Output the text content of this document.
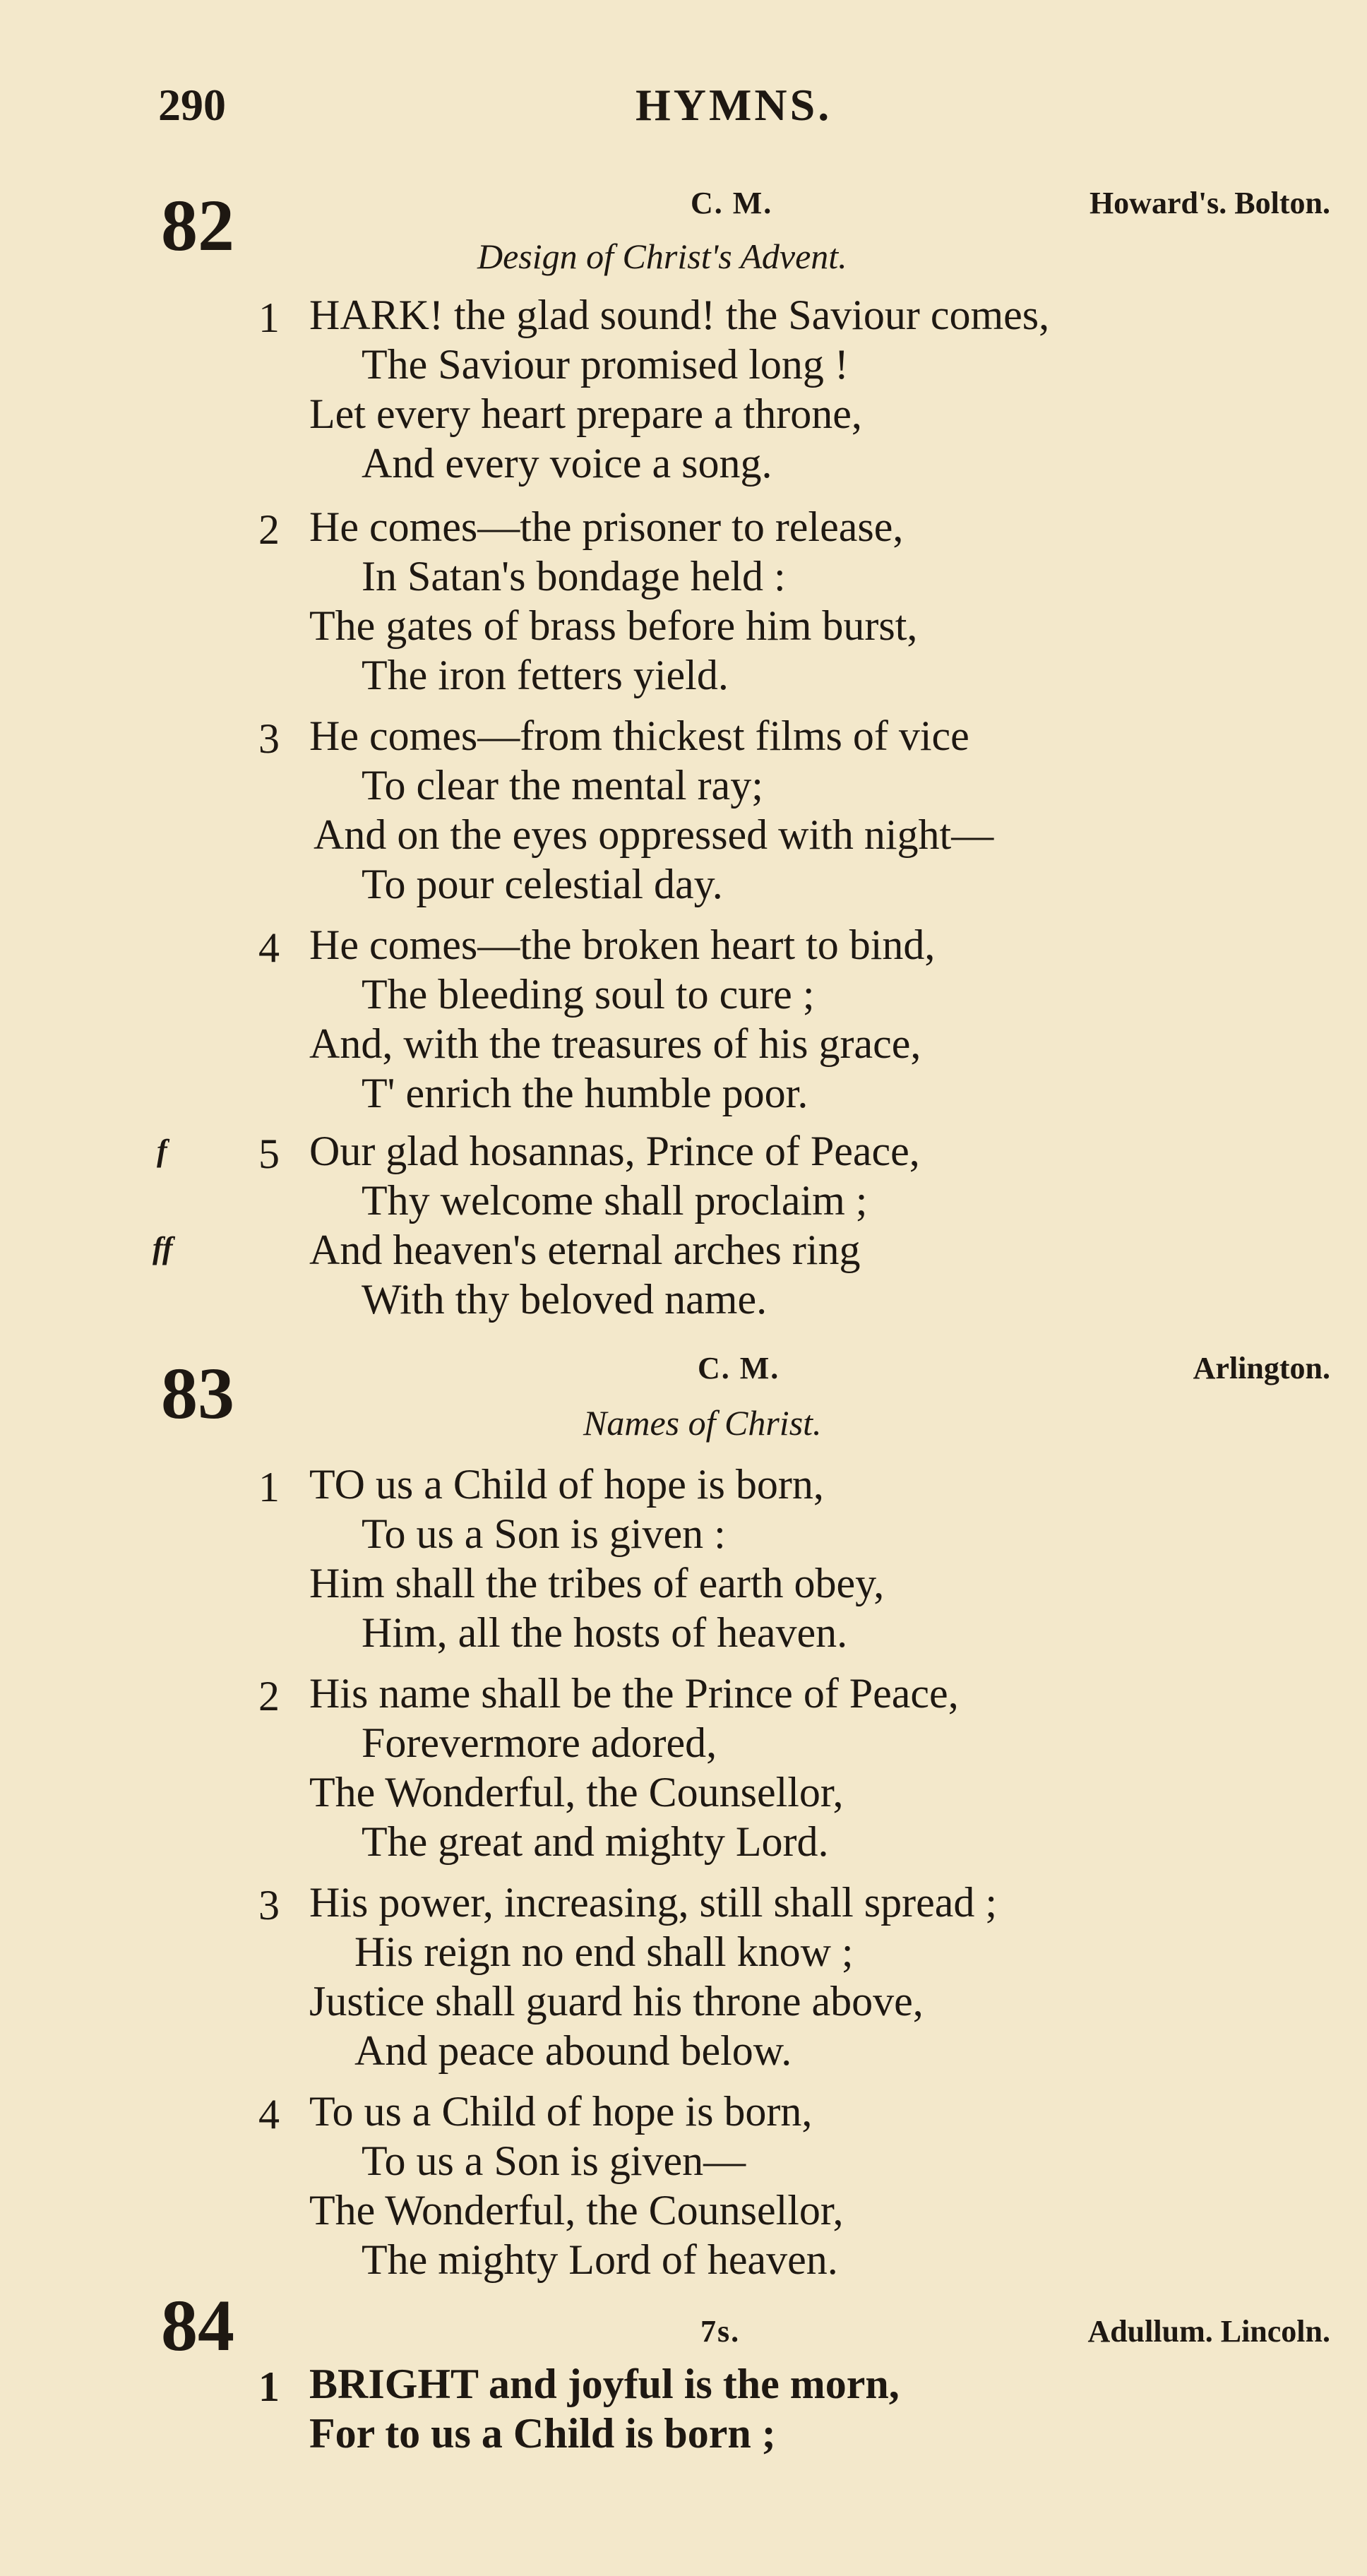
290	HYMNS.
82	C. M.	Howard's. Bolton.
Design of Christ's Advent.
1 HARK! the glad sound! the Saviour comes,
The Saviour promised long !
Let every heart prepare a throne,
And every voice a song.
2 He comes—the prisoner to release,
In Satan's bondage held :
The gates of brass before him burst,
The iron fetters yield.
3 He comes—from thickest films of vice
To clear the mental ray;
And on the eyes oppressed with night—
To pour celestial day.
4 He comes—the broken heart to bind,
The bleeding soul to cure ;
And, with the treasures of his grace,
T' enrich the humble poor.
f 5 Our glad hosannas, Prince of Peace,
Thy welcome shall proclaim ;
ff	And heaven's eternal arches ring
With thy beloved name.
83	C. M.	Arlington.
Names of Christ.
1 TO us a Child of hope is born,
To us a Son is given :
Him shall the tribes of earth obey,
Him, all the hosts of heaven.
2 His name shall be the Prince of Peace,
Forevermore adored,
The Wonderful, the Counsellor,
The great and mighty Lord.
3 His power, increasing, still shall spread ;
His reign no end shall know ;
Justice shall guard his throne above,
And peace abound below.
4 To us a Child of hope is born,
To us a Son is given—
The Wonderful, the Counsellor,
The mighty Lord of heaven.
84	7s.	Adullum. Lincoln.
1 BRIGHT and joyful is the morn,
For to us a Child is born ;
